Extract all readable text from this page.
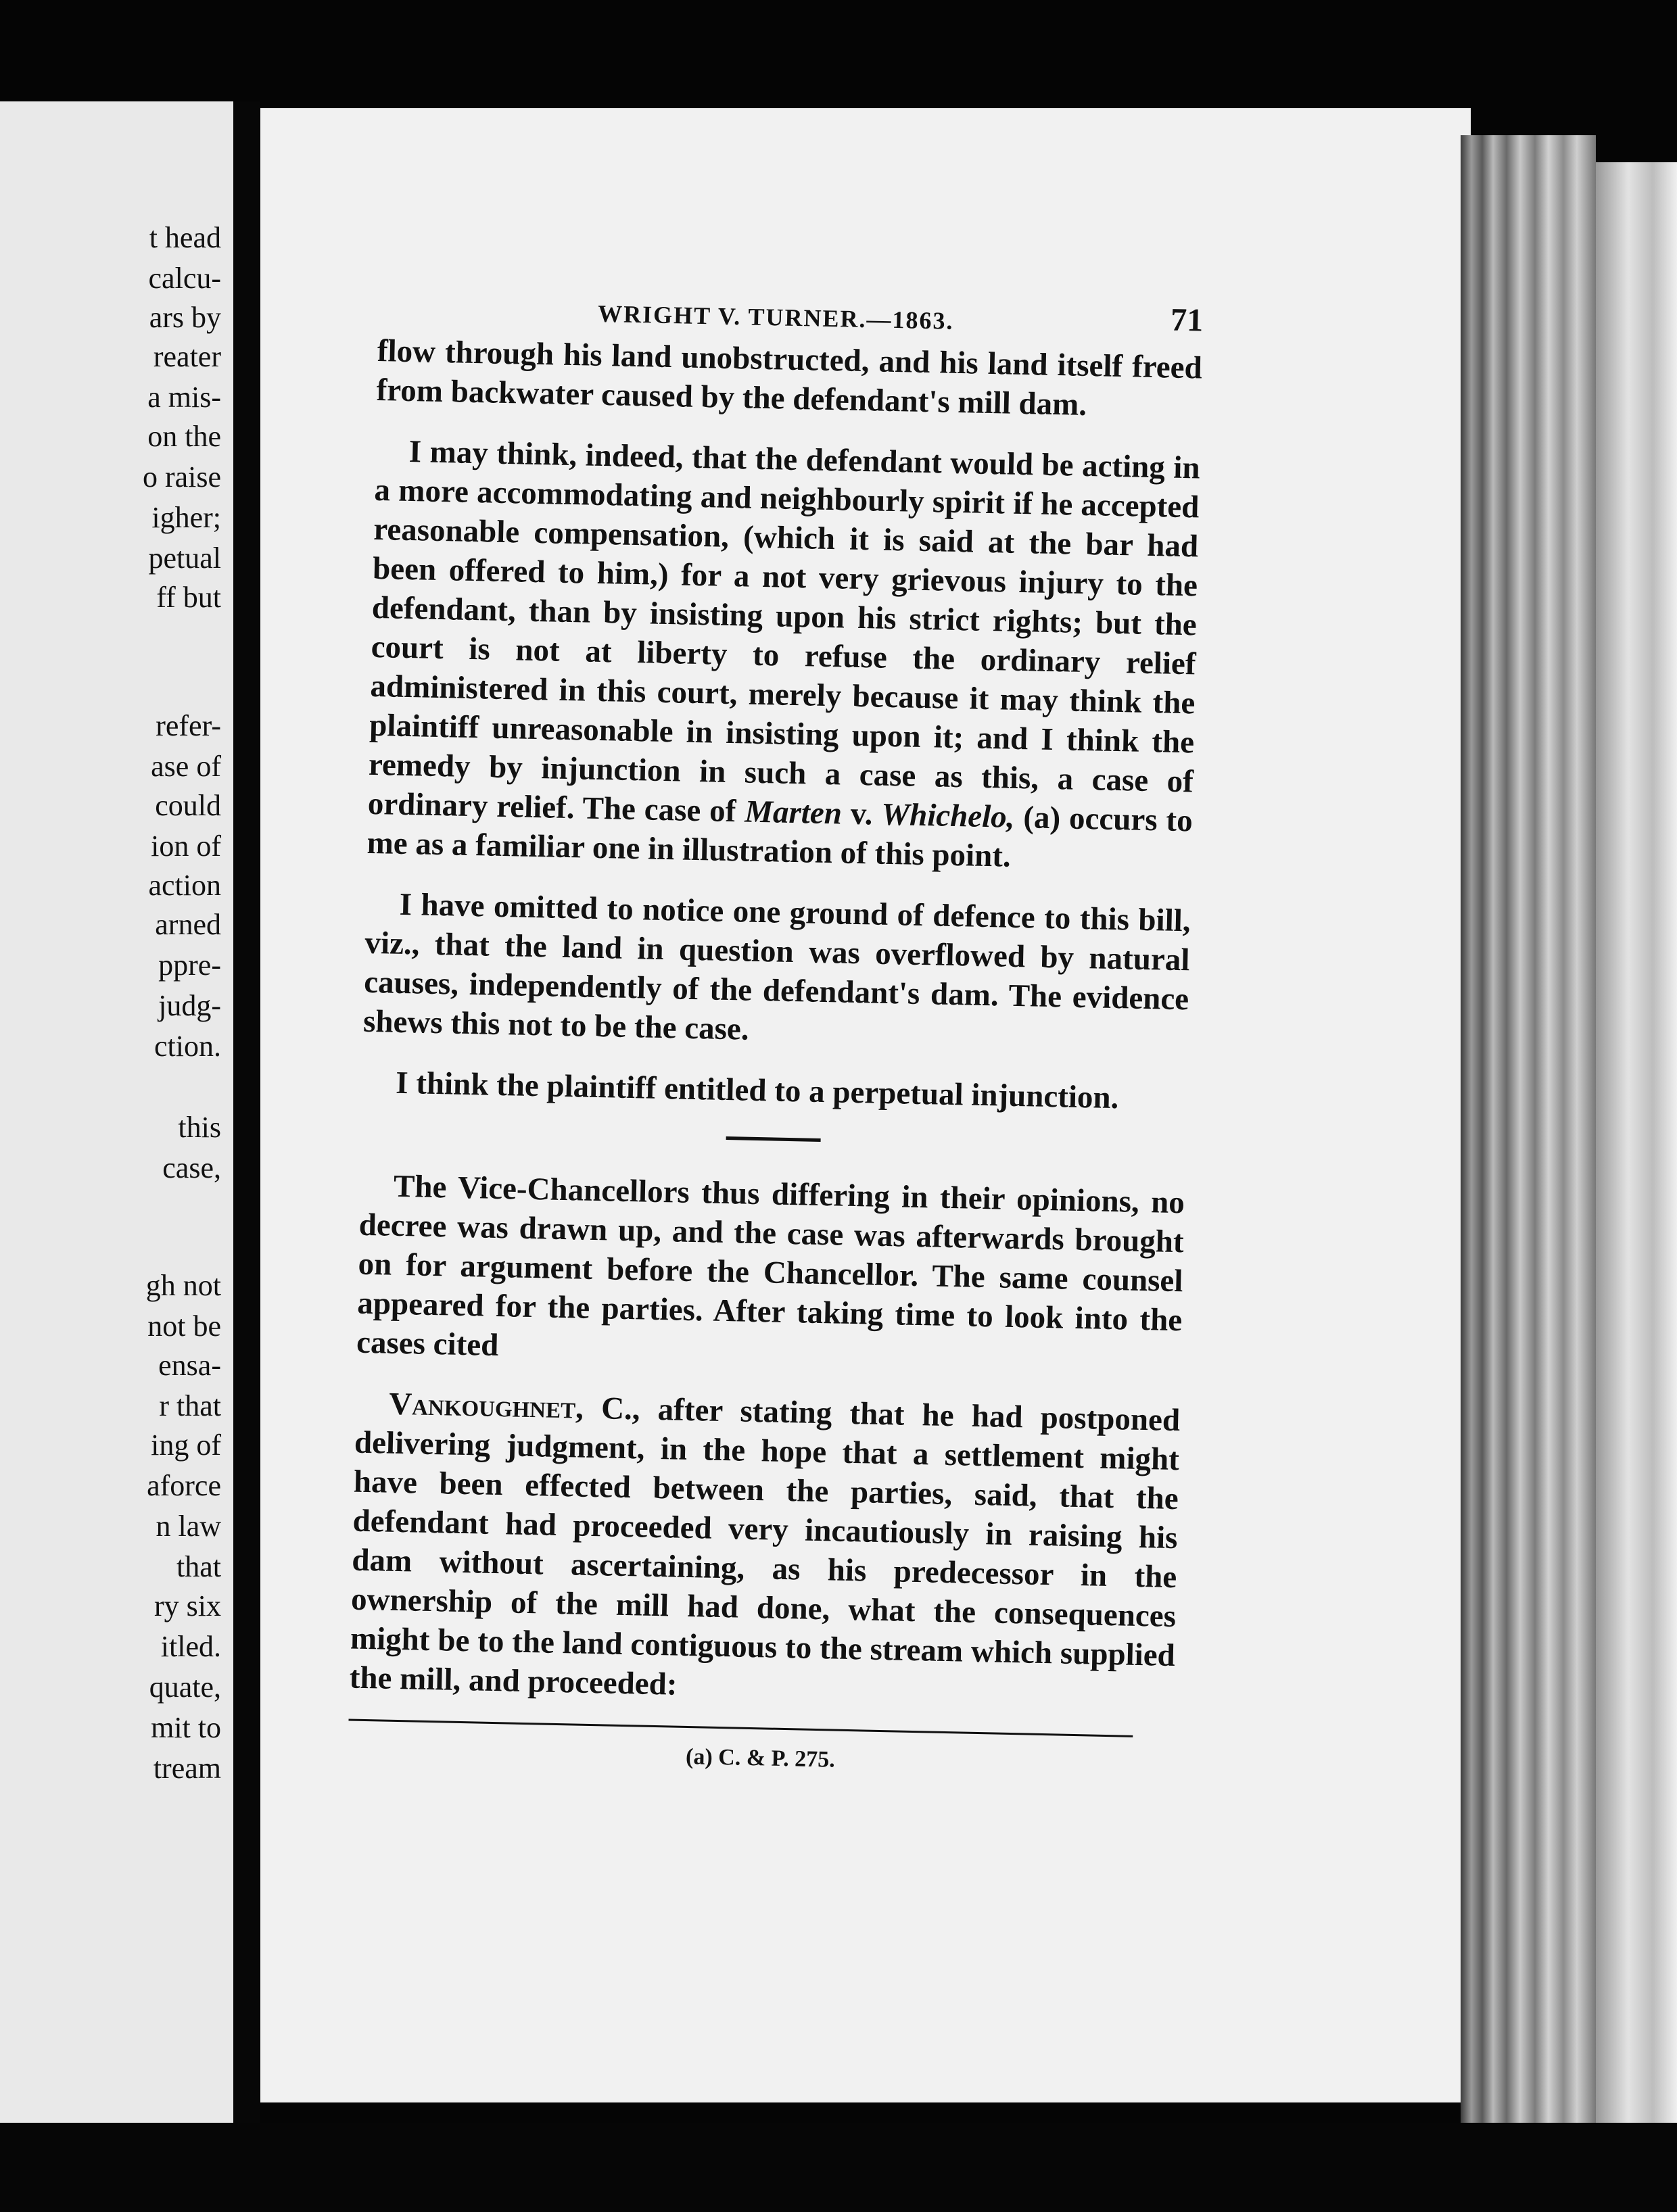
t head
calcu-
ars by
reater
a mis-
on the
o raise
igher;
petual
ff but
refer-
ase of
could
ion of
action
arned
ppre-
judg-
ction.
this
case,
gh not
not be
ensa-
r that
ing of
aforce
n law
that
ry six
itled.
quate,
mit to
tream
WRIGHT V. TURNER.—1863.	71

flow through his land unobstructed, and his land itself freed from backwater caused by the defendant's mill dam.

I may think, indeed, that the defendant would be acting in a more accommodating and neighbourly spirit if he accepted reasonable compensation, (which it is said at the bar had been offered to him,) for a not very grievous injury to the defendant, than by insisting upon his strict rights; but the court is not at liberty to refuse the ordinary relief administered in this court, merely because it may think the plaintiff unreasonable in insisting upon it; and I think the remedy by injunction in such a case as this, a case of ordinary relief. The case of Marten v. Whichelo, (a) occurs to me as a familiar one in illustration of this point.

I have omitted to notice one ground of defence to this bill, viz., that the land in question was overflowed by natural causes, independently of the defendant's dam. The evidence shews this not to be the case.

I think the plaintiff entitled to a perpetual injunction.

The Vice-Chancellors thus differing in their opinions, no decree was drawn up, and the case was afterwards brought on for argument before the Chancellor. The same counsel appeared for the parties. After taking time to look into the cases cited

Vankoughnet, C., after stating that he had postponed delivering judgment, in the hope that a settlement might have been effected between the parties, said, that the defendant had proceeded very incautiously in raising his dam without ascertaining, as his predecessor in the ownership of the mill had done, what the consequences might be to the land contiguous to the stream which supplied the mill, and proceeded:

(a) C. & P. 275.
